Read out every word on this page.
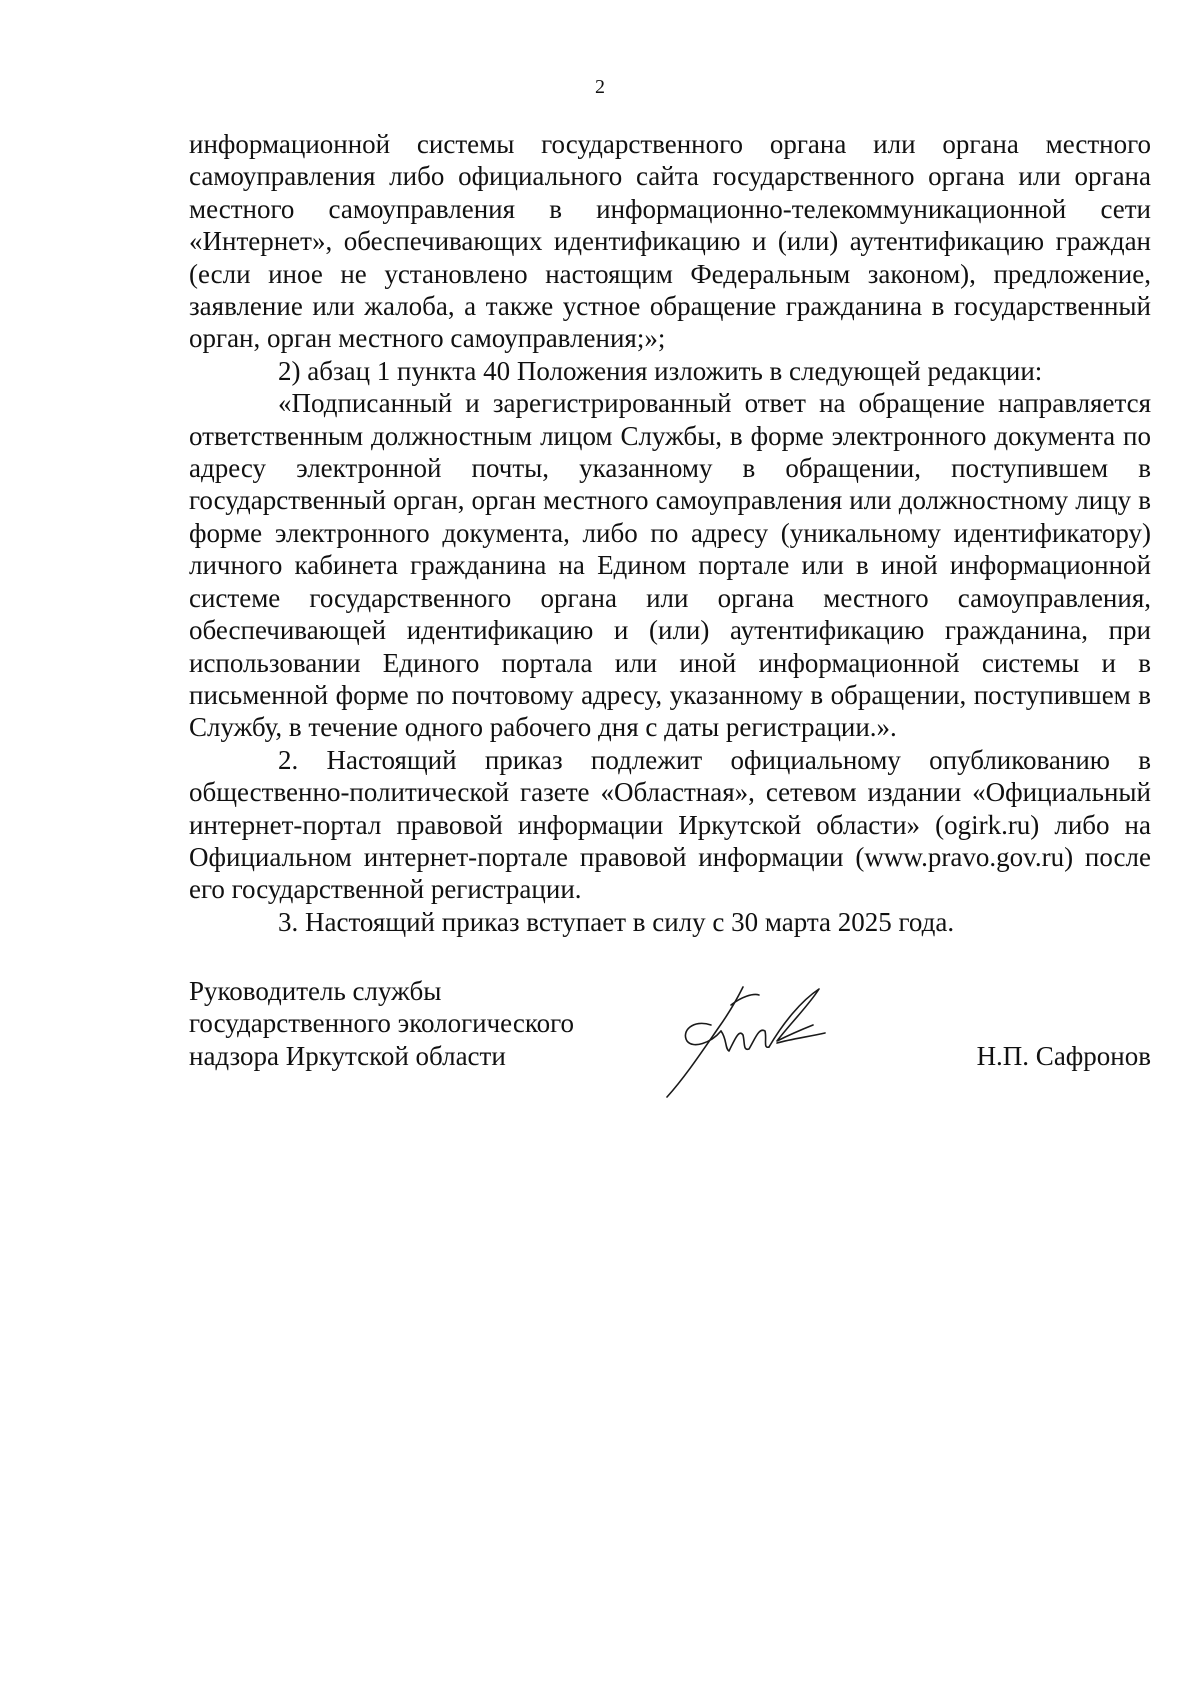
2

информационной системы государственного органа или органа местного самоуправления либо официального сайта государственного органа или органа местного самоуправления в информационно-телекоммуникационной сети «Интернет», обеспечивающих идентификацию и (или) аутентификацию граждан (если иное не установлено настоящим Федеральным законом), предложение, заявление или жалоба, а также устное обращение гражданина в государственный орган, орган местного самоуправления;»;

2) абзац 1 пункта 40 Положения изложить в следующей редакции:

«Подписанный и зарегистрированный ответ на обращение направляется ответственным должностным лицом Службы, в форме электронного документа по адресу электронной почты, указанному в обращении, поступившем в государственный орган, орган местного самоуправления или должностному лицу в форме электронного документа, либо по адресу (уникальному идентификатору) личного кабинета гражданина на Едином портале или в иной информационной системе государственного органа или органа местного самоуправления, обеспечивающей идентификацию и (или) аутентификацию гражданина, при использовании Единого портала или иной информационной системы и в письменной форме по почтовому адресу, указанному в обращении, поступившем в Службу, в течение одного рабочего дня с даты регистрации.».

2. Настоящий приказ подлежит официальному опубликованию в общественно-политической газете «Областная», сетевом издании «Официальный интернет-портал правовой информации Иркутской области» (ogirk.ru) либо на Официальном интернет-портале правовой информации (www.pravo.gov.ru) после его государственной регистрации.

3. Настоящий приказ вступает в силу с 30 марта 2025 года.

Руководитель службы
государственного экологического
надзора Иркутской области	Н.П. Сафронов
